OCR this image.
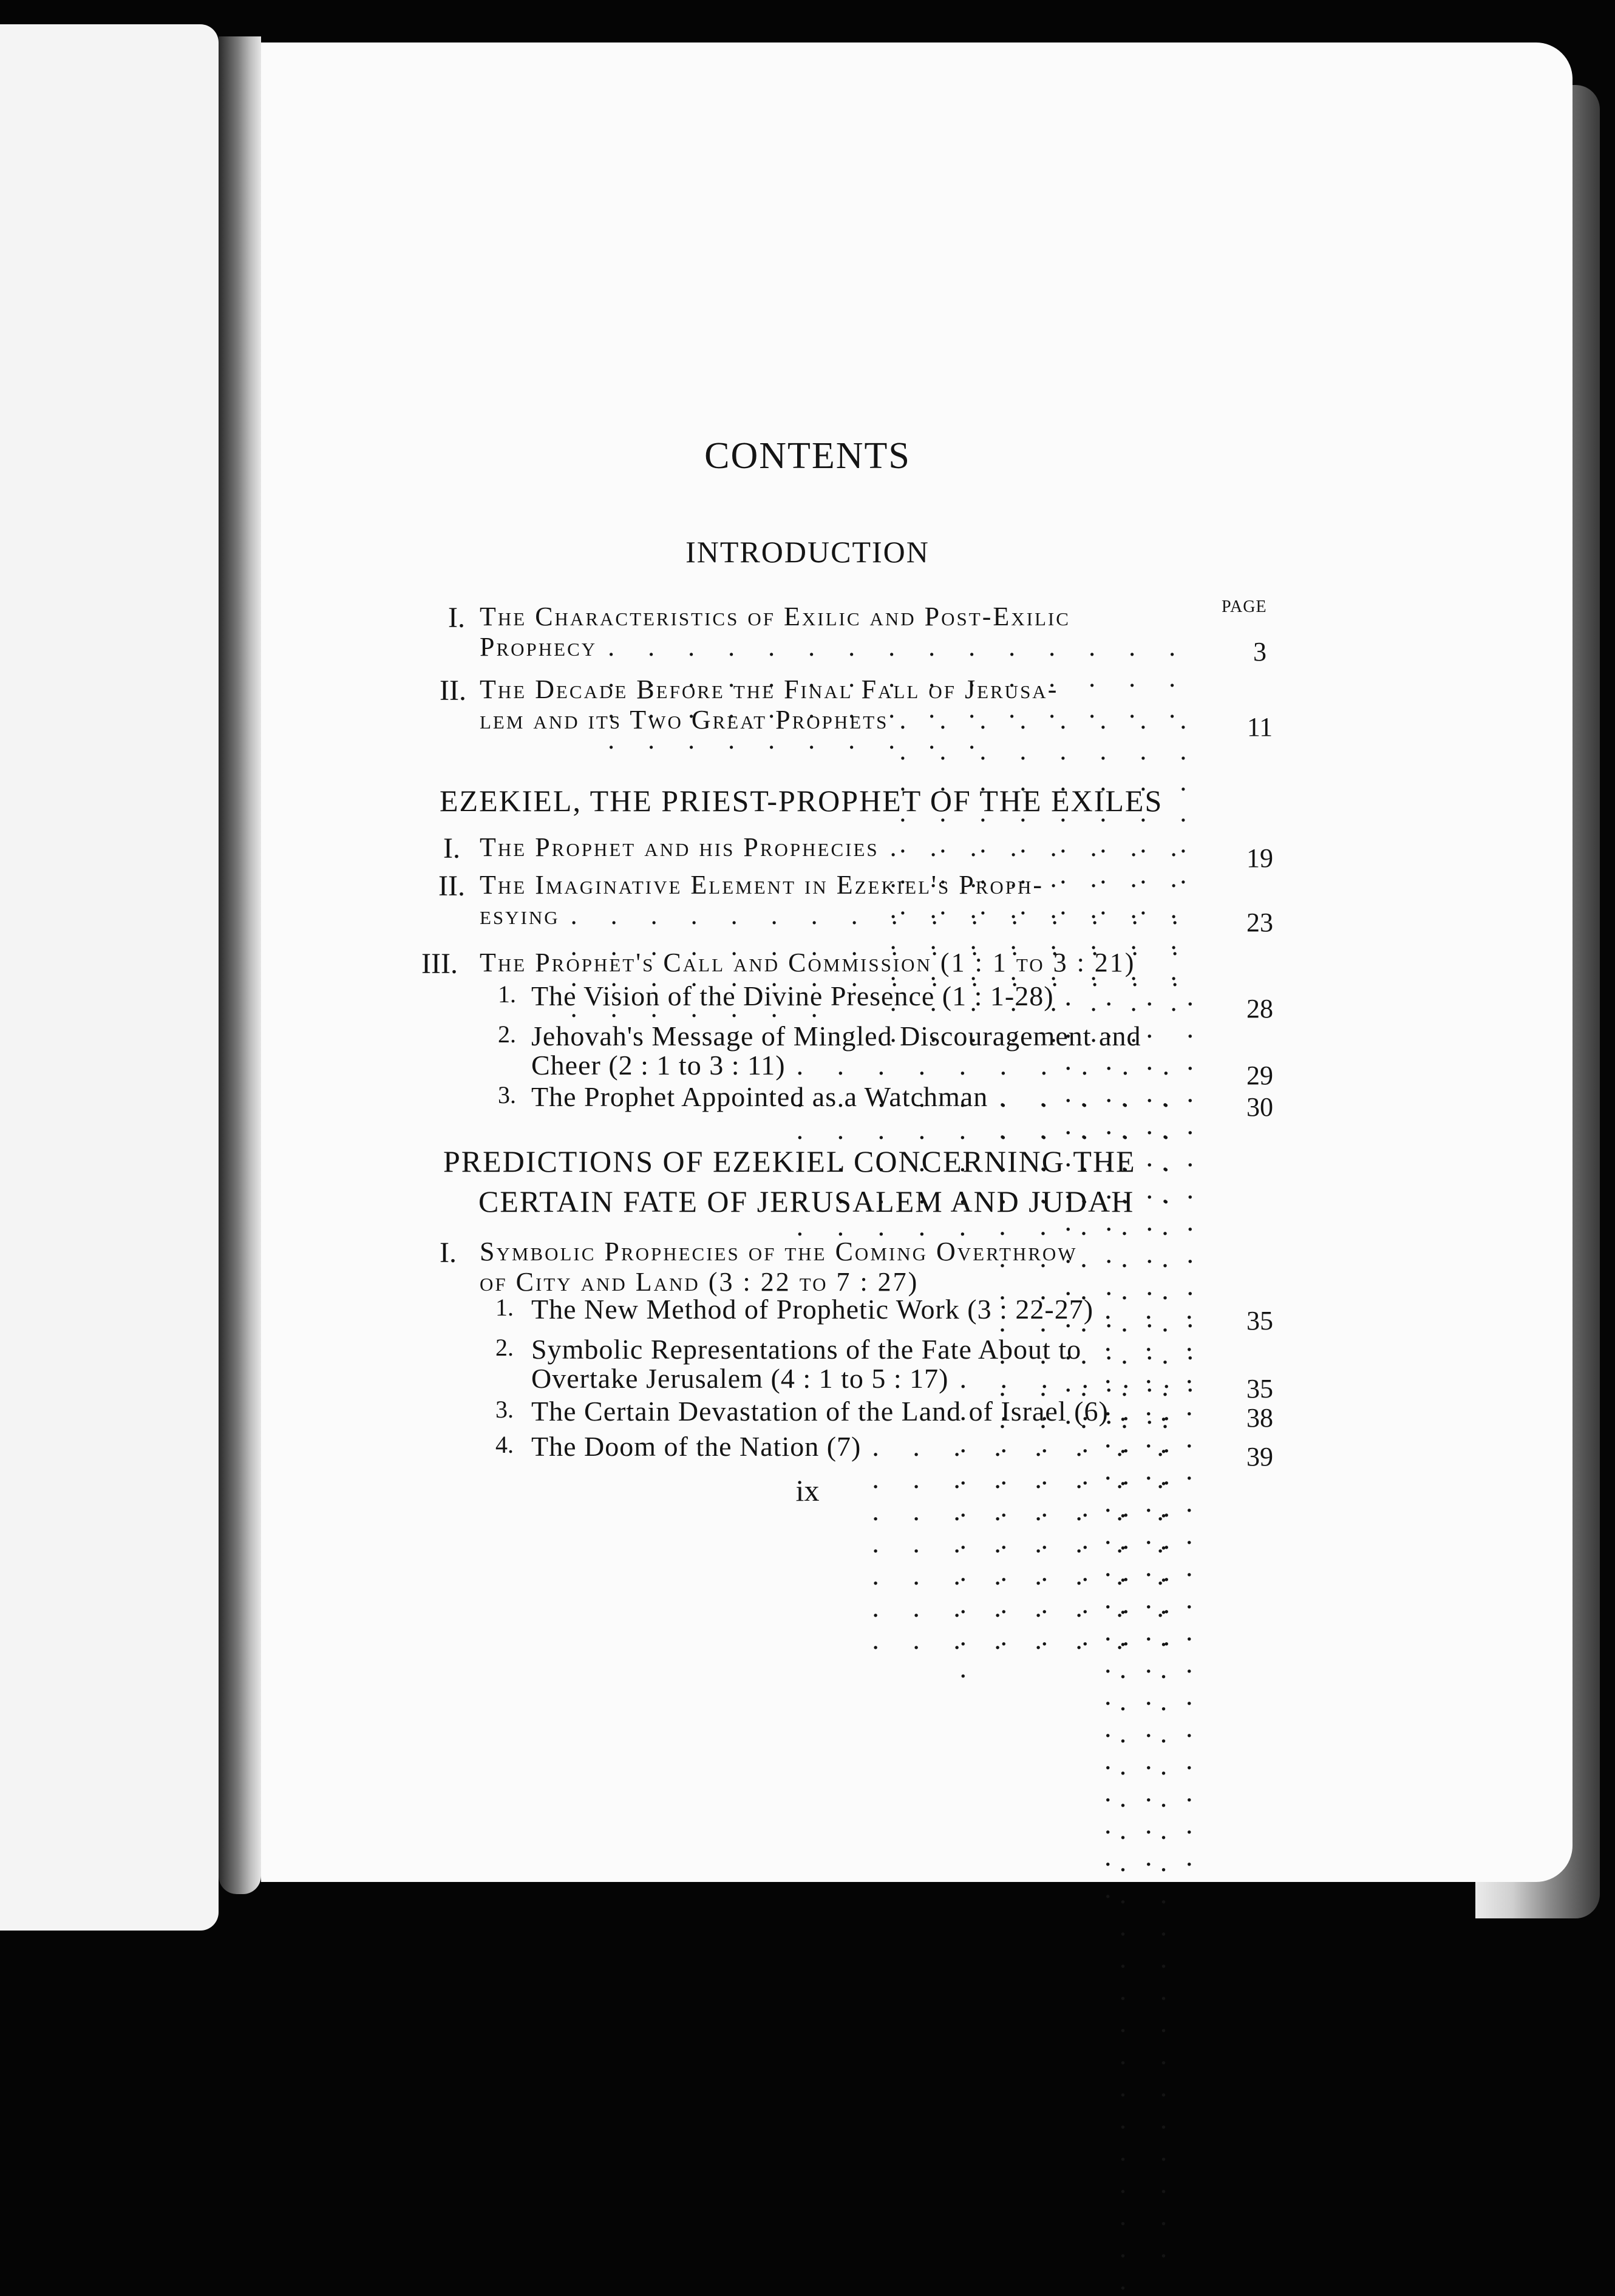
CONTENTS
INTRODUCTION
PAGE
I. The Characteristics of Exilic and Post-Exilic
Prophecy . . .	3
II. The Decade Before the Final Fall of Jerusa-
lem and its Two Great Prophets . . .	11
EZEKIEL, THE PRIEST-PROPHET OF THE EXILES
I. The Prophet and his Prophecies . . .	19
II. The Imaginative Element in Ezekiel's Proph-
esying . . .	23
III. The Prophet's Call and Commission (1 : 1 to 3 : 21)
1. The Vision of the Divine Presence (1 : 1-28) . . .	28
2. Jehovah's Message of Mingled Discouragement and
Cheer (2 : 1 to 3 : 11) . . .	29
3. The Prophet Appointed as a Watchman . . .	30
PREDICTIONS OF EZEKIEL CONCERNING THE
CERTAIN FATE OF JERUSALEM AND JUDAH
I. Symbolic Prophecies of the Coming Overthrow
of City and Land (3 : 22 to 7 : 27)
1. The New Method of Prophetic Work (3 : 22-27) . . .	35
2. Symbolic Representations of the Fate About to
Overtake Jerusalem (4 : 1 to 5 : 17) . . .	35
3. The Certain Devastation of the Land of Israel (6) . . .	38
4. The Doom of the Nation (7) . . .	39
ix
